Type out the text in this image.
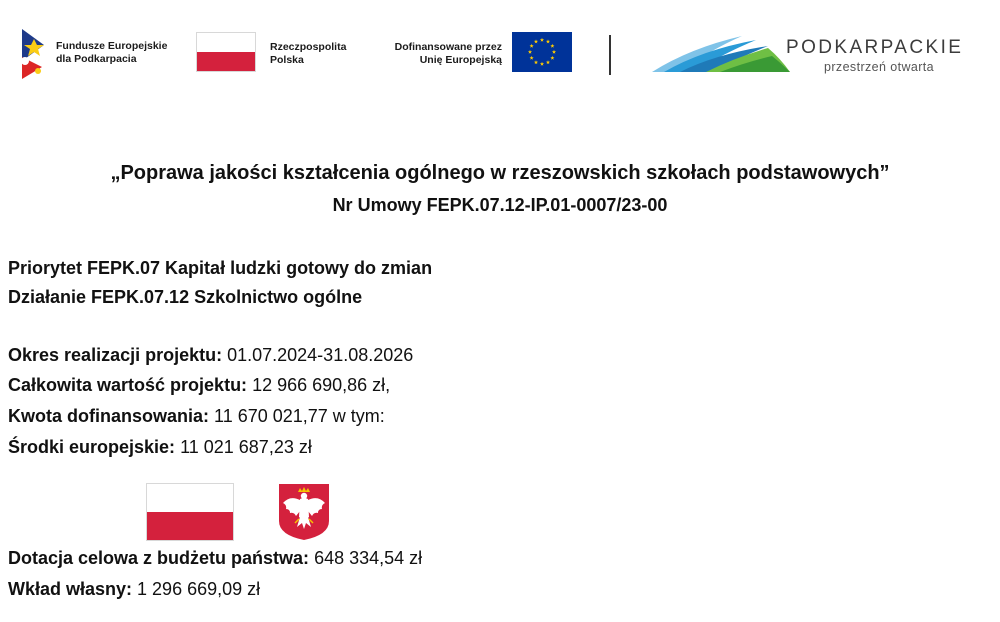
Fundusze Europejskie
dla Podkarpacia
Rzeczpospolita
Polska
Dofinansowane przez
Unię Europejską
PODKARPACKIE
przestrzeń otwarta
„Poprawa jakości kształcenia ogólnego w rzeszowskich szkołach podstawowych”
Nr Umowy FEPK.07.12-IP.01-0007/23-00
Priorytet FEPK.07 Kapitał ludzki gotowy do zmian
Działanie FEPK.07.12 Szkolnictwo ogólne
Okres realizacji projektu: 01.07.2024-31.08.2026
Całkowita wartość projektu: 12 966 690,86 zł,
Kwota dofinansowania: 11 670 021,77 w tym:
Środki europejskie: 11 021 687,23 zł
Dotacja celowa z budżetu państwa: 648 334,54 zł
Wkład własny: 1 296 669,09 zł
